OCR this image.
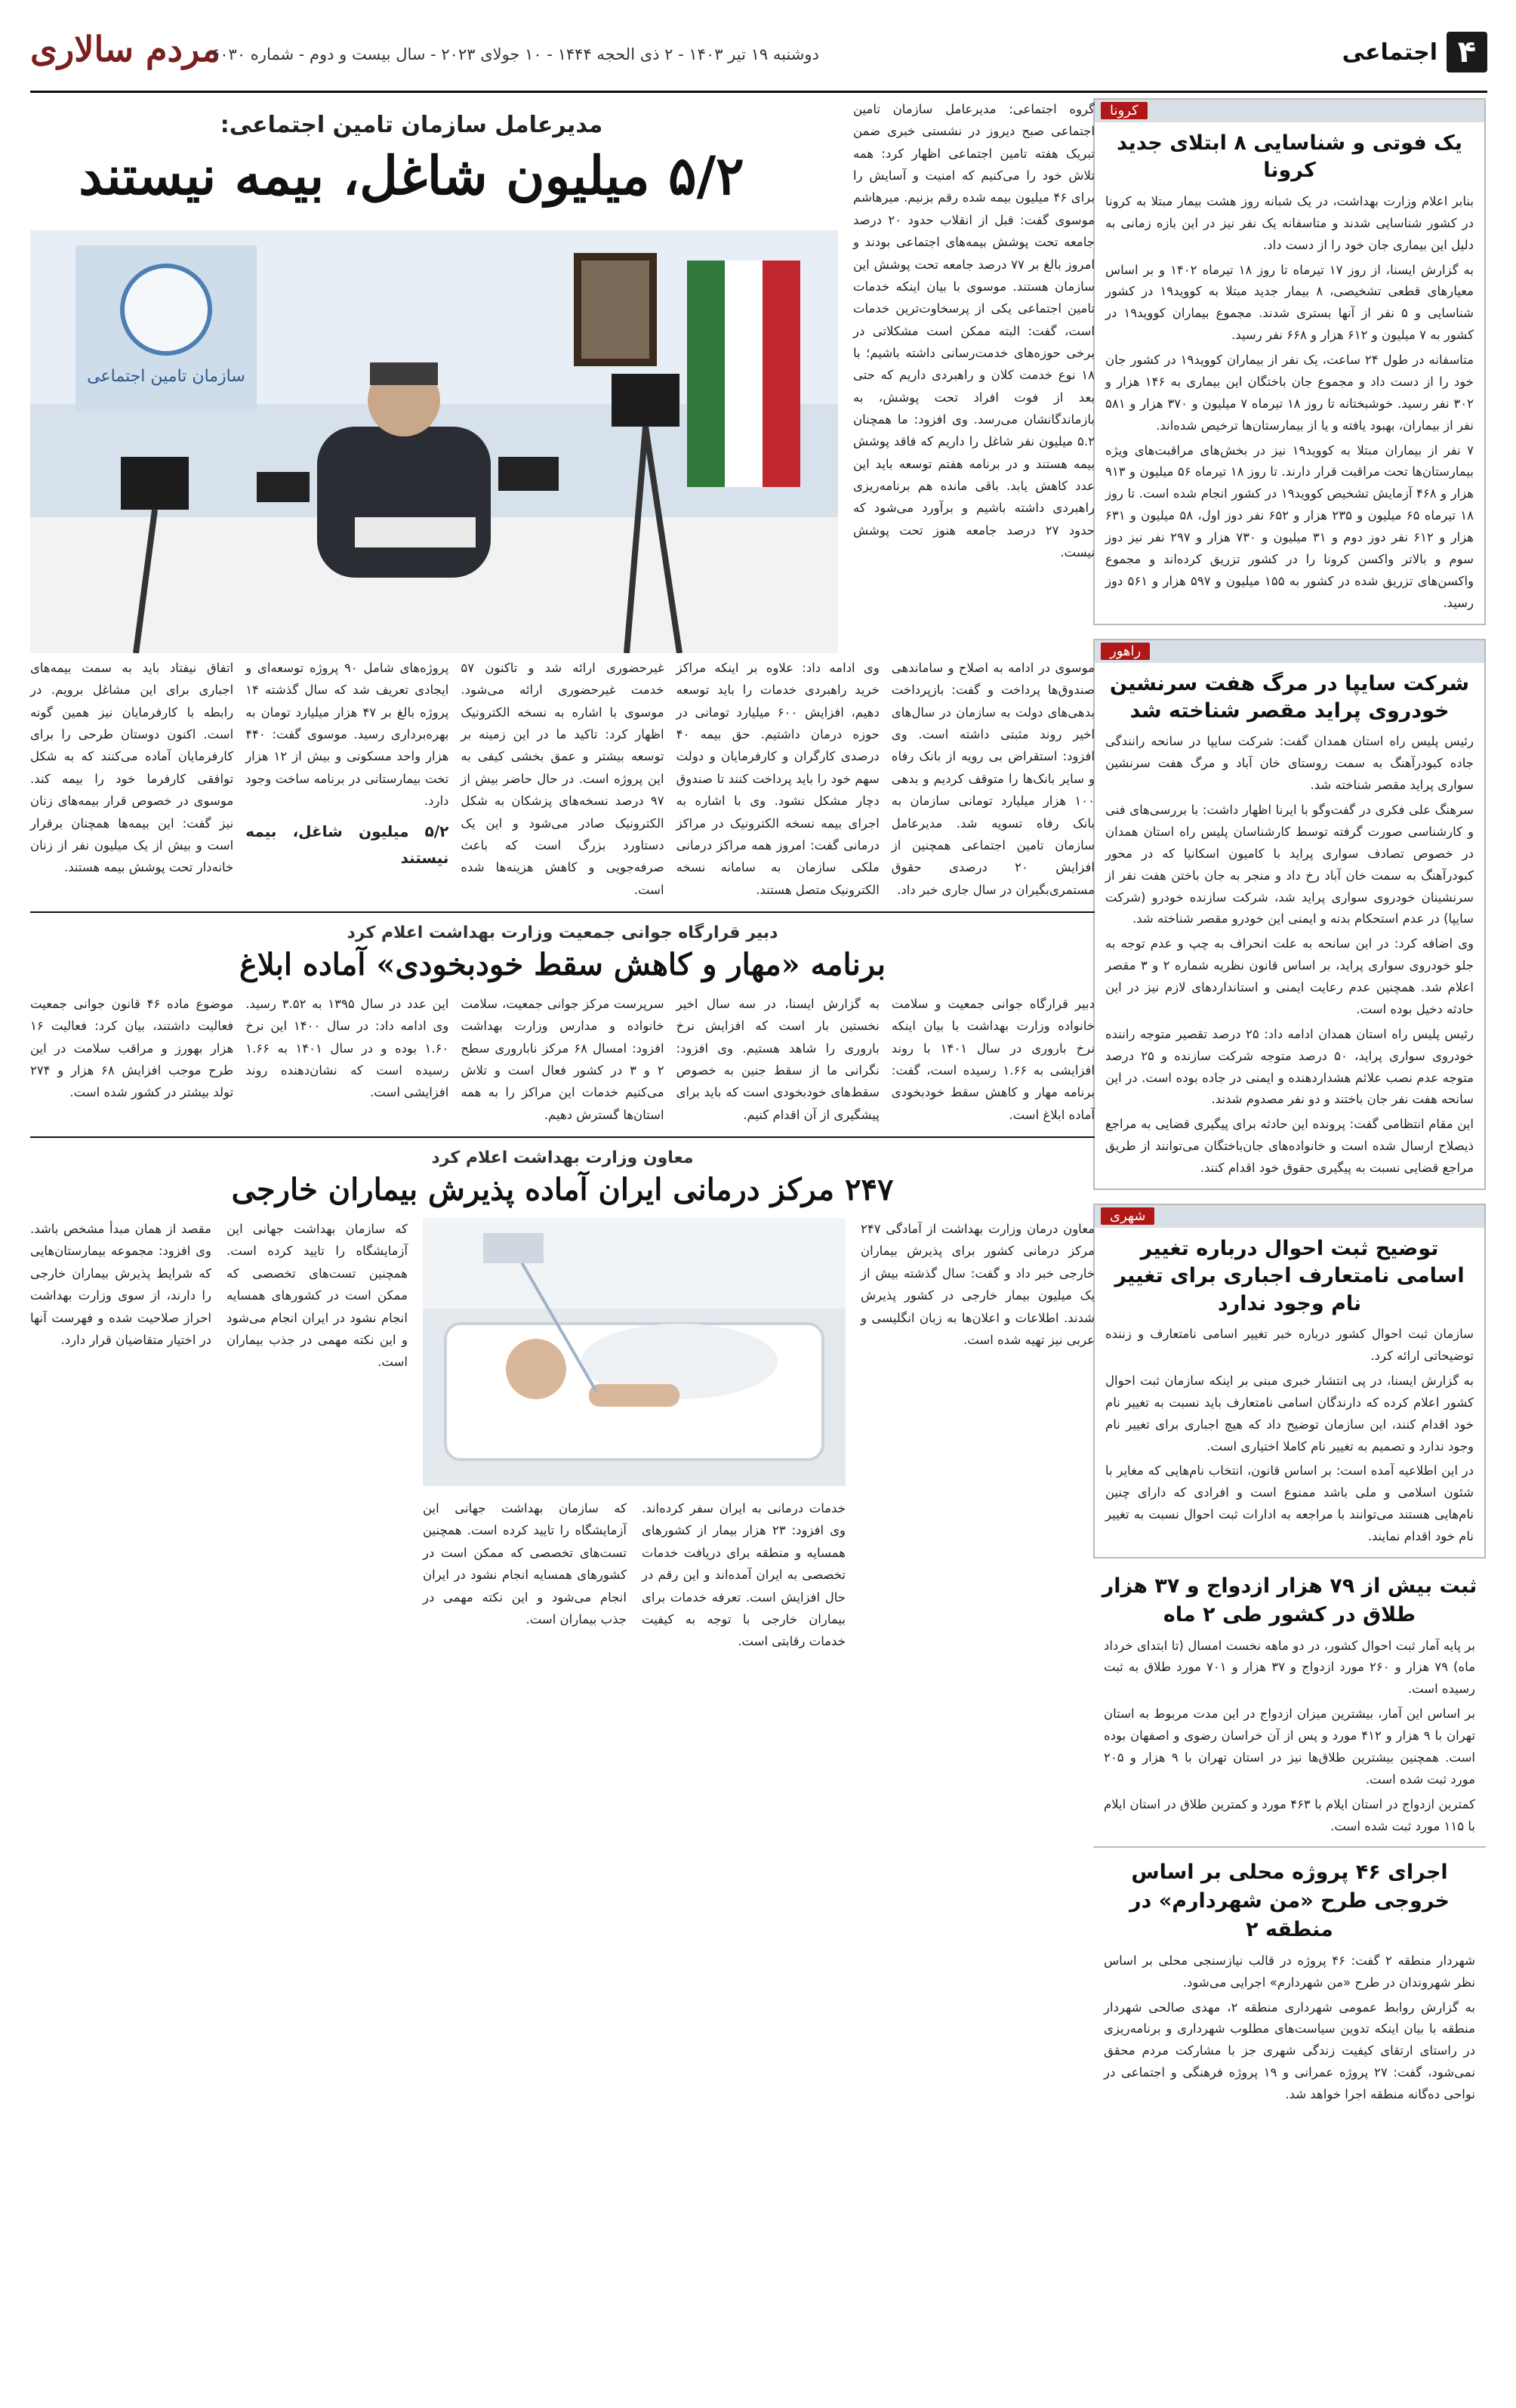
۴
اجتماعی
مردم سالاری
دوشنبه ۱۹ تیر ۱۴۰۳ - ۲ ذی الحجه ۱۴۴۴ - ۱۰ جولای ۲۰۲۳ - سال بیست و دوم - شماره ۶۰۳۰
کرونا
یک فوتی و شناسایی ۸ ابتلای جدید کرونا

بنابر اعلام وزارت بهداشت، در یک شبانه روز هشت بیمار مبتلا به کرونا در کشور شناسایی شدند و متاسفانه یک نفر نیز در این بازه زمانی به دلیل این بیماری جان خود را از دست داد.

به گزارش ایسنا، از روز ۱۷ تیرماه تا روز ۱۸ تیرماه ۱۴۰۲ و بر اساس معیارهای قطعی تشخیصی، ۸ بیمار جدید مبتلا به کووید۱۹ در کشور شناسایی و ۵ نفر از آنها بستری شدند. مجموع بیماران کووید۱۹ در کشور به ۷ میلیون و ۶۱۲ هزار و ۶۶۸ نفر رسید.

متاسفانه در طول ۲۴ ساعت، یک نفر از بیماران کووید۱۹ در کشور جان خود را از دست داد و مجموع جان باختگان این بیماری به ۱۴۶ هزار و ۳۰۲ نفر رسید. خوشبختانه تا روز ۱۸ تیرماه ۷ میلیون و ۳۷۰ هزار و ۵۸۱ نفر از بیماران، بهبود یافته و یا از بیمارستان‌ها ترخیص شده‌اند.

۷ نفر از بیماران مبتلا به کووید۱۹ نیز در بخش‌های مراقبت‌های ویژه بیمارستان‌ها تحت مراقبت قرار دارند. تا روز ۱۸ تیرماه ۵۶ میلیون و ۹۱۳ هزار و ۴۶۸ آزمایش تشخیص کووید۱۹ در کشور انجام شده است. تا روز ۱۸ تیرماه ۶۵ میلیون و ۲۳۵ هزار و ۶۵۲ نفر دوز اول، ۵۸ میلیون و ۶۳۱ هزار و ۶۱۲ نفر دوز دوم و ۳۱ میلیون و ۷۳۰ هزار و ۲۹۷ نفر نیز دوز سوم و بالاتر واکسن کرونا را در کشور تزریق کرده‌اند و مجموع واکسن‌های تزریق شده در کشور به ۱۵۵ میلیون و ۵۹۷ هزار و ۵۶۱ دوز رسید.

راهور
شرکت سایپا در مرگ هفت سرنشین خودروی پراید مقصر شناخته شد

رئیس پلیس راه استان همدان گفت: شرکت سایپا در سانحه رانندگی جاده کبودرآهنگ به سمت روستای خان آباد و مرگ هفت سرنشین سواری پراید مقصر شناخته شد.

سرهنگ علی فکری در گفت‌وگو با ایرنا اظهار داشت: با بررسی‌های فنی و کارشناسی صورت گرفته توسط کارشناسان پلیس راه استان همدان در خصوص تصادف سواری پراید با کامیون اسکانیا که در محور کبودرآهنگ به سمت خان آباد رخ داد و منجر به جان باختن هفت نفر از سرنشینان خودروی سواری پراید شد، شرکت سازنده خودرو (شرکت سایپا) در عدم استحکام بدنه و ایمنی این خودرو مقصر شناخته شد.

وی اضافه کرد: در این سانحه به علت انحراف به چپ و عدم توجه به جلو خودروی سواری پراید، بر اساس قانون نظریه شماره ۲ و ۳ مقصر اعلام شد. همچنین عدم رعایت ایمنی و استانداردهای لازم نیز در این حادثه دخیل بوده است.

رئیس پلیس راه استان همدان ادامه داد: ۲۵ درصد تقصیر متوجه راننده خودروی سواری پراید، ۵۰ درصد متوجه شرکت سازنده و ۲۵ درصد متوجه عدم نصب علائم هشداردهنده و ایمنی در جاده بوده است. در این سانحه هفت نفر جان باختند و دو نفر مصدوم شدند.

این مقام انتظامی گفت: پرونده این حادثه برای پیگیری قضایی به مراجع ذیصلاح ارسال شده است و خانواده‌های جان‌باختگان می‌توانند از طریق مراجع قضایی نسبت به پیگیری حقوق خود اقدام کنند.

شهری
توضیح ثبت احوال درباره تغییر
اسامی نامتعارف اجباری برای تغییر نام وجود ندارد

سازمان ثبت احوال کشور درباره خبر تغییر اسامی نامتعارف و زننده توضیحاتی ارائه کرد.

به گزارش ایسنا، در پی انتشار خبری مبنی بر اینکه سازمان ثبت احوال کشور اعلام کرده که دارندگان اسامی نامتعارف باید نسبت به تغییر نام خود اقدام کنند، این سازمان توضیح داد که هیچ اجباری برای تغییر نام وجود ندارد و تصمیم به تغییر نام کاملا اختیاری است.

در این اطلاعیه آمده است: بر اساس قانون، انتخاب نام‌هایی که مغایر با شئون اسلامی و ملی باشد ممنوع است و افرادی که دارای چنین نام‌هایی هستند می‌توانند با مراجعه به ادارات ثبت احوال نسبت به تغییر نام خود اقدام نمایند.

ثبت بیش از ۷۹ هزار ازدواج و ۳۷ هزار طلاق در کشور طی ۲ ماه

بر پایه آمار ثبت احوال کشور، در دو ماهه نخست امسال (تا ابتدای خرداد ماه) ۷۹ هزار و ۲۶۰ مورد ازدواج و ۳۷ هزار و ۷۰۱ مورد طلاق به ثبت رسیده است.

بر اساس این آمار، بیشترین میزان ازدواج در این مدت مربوط به استان تهران با ۹ هزار و ۴۱۲ مورد و پس از آن خراسان رضوی و اصفهان بوده است. همچنین بیشترین طلاق‌ها نیز در استان تهران با ۹ هزار و ۲۰۵ مورد ثبت شده است.

کمترین ازدواج در استان ایلام با ۴۶۳ مورد و کمترین طلاق در استان ایلام با ۱۱۵ مورد ثبت شده است.

اجرای ۴۶ پروژه محلی بر اساس خروجی طرح «من شهردارم» در منطقه ۲

شهردار منطقه ۲ گفت: ۴۶ پروژه در قالب نیازسنجی محلی بر اساس نظر شهروندان در طرح «من شهردارم» اجرایی می‌شود.

به گزارش روابط عمومی شهرداری منطقه ۲، مهدی صالحی شهردار منطقه با بیان اینکه تدوین سیاست‌های مطلوب شهرداری و برنامه‌ریزی در راستای ارتقای کیفیت زندگی شهری جز با مشارکت مردم محقق نمی‌شود، گفت: ۲۷ پروژه عمرانی و ۱۹ پروژه فرهنگی و اجتماعی در نواحی ده‌گانه منطقه اجرا خواهد شد.

گروه اجتماعی: مدیرعامل سازمان تامین اجتماعی صبح دیروز در نشستی خبری ضمن تبریک هفته تامین اجتماعی اظهار کرد: همه تلاش خود را می‌کنیم که امنیت و آسایش را برای ۴۶ میلیون بیمه شده رقم بزنیم. میرهاشم موسوی گفت: قبل از انقلاب حدود ۲۰ درصد جامعه تحت پوشش بیمه‌های اجتماعی بودند و امروز بالغ بر ۷۷ درصد جامعه تحت پوشش این سازمان هستند. موسوی با بیان اینکه خدمات تامین اجتماعی یکی از پرسخاوت‌ترین خدمات است، گفت: البته ممکن است مشکلاتی در برخی حوزه‌های خدمت‌رسانی داشته باشیم؛ با ۱۸ نوع خدمت کلان و راهبردی داریم که حتی بعد از فوت افراد تحت پوشش، به بازماندگانشان می‌رسد. وی افزود: ما همچنان ۵.۲ میلیون نفر شاغل را داریم که فاقد پوشش بیمه هستند و در برنامه هفتم توسعه باید این عدد کاهش یابد. باقی مانده هم برنامه‌ریزی راهبردی داشته باشیم و برآورد می‌شود که حدود ۲۷ درصد جامعه هنوز تحت پوشش نیست.
مدیرعامل سازمان تامین اجتماعی:
۵/۲ میلیون شاغل، بیمه نیستند
سازمان تامین اجتماعی
موسوی در ادامه به اصلاح و ساماندهی صندوق‌ها پرداخت و گفت: بازپرداخت بدهی‌های دولت به سازمان در سال‌های اخیر روند مثبتی داشته است. وی افزود: استقراض بی رویه از بانک رفاه و سایر بانک‌ها را متوقف کردیم و بدهی ۱۰۰ هزار میلیارد تومانی سازمان به بانک رفاه تسویه شد. مدیرعامل سازمان تامین اجتماعی همچنین از افزایش ۲۰ درصدی حقوق مستمری‌بگیران در سال جاری خبر داد.
وی ادامه داد: علاوه بر اینکه مراکز خرید راهبردی خدمات را باید توسعه دهیم، افزایش ۶۰۰ میلیارد تومانی در حوزه درمان داشتیم. حق بیمه ۴۰ درصدی کارگران و کارفرمایان و دولت سهم خود را باید پرداخت کنند تا صندوق دچار مشکل نشود. وی با اشاره به اجرای بیمه نسخه الکترونیک در مراکز درمانی گفت: امروز همه مراکز درمانی ملکی سازمان به سامانه نسخه الکترونیک متصل هستند.
غیرحضوری ارائه شد و تاکنون ۵۷ خدمت غیرحضوری ارائه می‌شود. موسوی با اشاره به نسخه الکترونیک اظهار کرد: تاکید ما در این زمینه بر توسعه بیشتر و عمق بخشی کیفی به این پروژه است. در حال حاضر بیش از ۹۷ درصد نسخه‌های پزشکان به شکل الکترونیک صادر می‌شود و این یک دستاورد بزرگ است که باعث صرفه‌جویی و کاهش هزینه‌ها شده است.
پروژه‌های شامل ۹۰ پروژه توسعه‌ای و ایجادی تعریف شد که سال گذشته ۱۴ پروژه بالغ بر ۴۷ هزار میلیارد تومان به بهره‌برداری رسید. موسوی گفت: ۴۴۰ هزار واحد مسکونی و بیش از ۱۲ هزار تخت بیمارستانی در برنامه ساخت وجود دارد.
۵/۲ میلیون شاغل، بیمه نیستند
اتفاق نیفتاد باید به سمت بیمه‌های اجباری برای این مشاغل برویم. در رابطه با کارفرمایان نیز همین گونه است. اکنون دوستان طرحی را برای کارفرمایان آماده می‌کنند که به شکل توافقی کارفرما خود را بیمه کند. موسوی در خصوص قرار بیمه‌های زنان نیز گفت: این بیمه‌ها همچنان برقرار است و بیش از یک میلیون نفر از زنان خانه‌دار تحت پوشش بیمه هستند.
دبیر قرارگاه جوانی جمعیت وزارت بهداشت اعلام کرد
برنامه «مهار و کاهش سقط خودبخودی» آماده ابلاغ
دبیر قرارگاه جوانی جمعیت و سلامت خانواده وزارت بهداشت با بیان اینکه نرخ باروری در سال ۱۴۰۱ با روند افزایشی به ۱.۶۶ رسیده است، گفت: برنامه مهار و کاهش سقط خودبخودی آماده ابلاغ است.
به گزارش ایسنا، در سه سال اخیر نخستین بار است که افزایش نرخ باروری را شاهد هستیم. وی افزود: نگرانی ما از سقط جنین به خصوص سقط‌های خودبخودی است که باید برای پیشگیری از آن اقدام کنیم.
سرپرست مرکز جوانی جمعیت، سلامت خانواده و مدارس وزارت بهداشت افزود: امسال ۶۸ مرکز ناباروری سطح ۲ و ۳ در کشور فعال است و تلاش می‌کنیم خدمات این مراکز را به همه استان‌ها گسترش دهیم.
این عدد در سال ۱۳۹۵ به ۳.۵۲ رسید. وی ادامه داد: در سال ۱۴۰۰ این نرخ ۱.۶۰ بوده و در سال ۱۴۰۱ به ۱.۶۶ رسیده است که نشان‌دهنده روند افزایشی است.
موضوع ماده ۴۶ قانون جوانی جمعیت فعالیت داشتند، بیان کرد: فعالیت ۱۶ هزار بهورز و مراقب سلامت در این طرح موجب افزایش ۶۸ هزار و ۲۷۴ تولد بیشتر در کشور شده است.
معاون وزارت بهداشت اعلام کرد
۲۴۷ مرکز درمانی ایران آماده پذیرش بیماران خارجی
معاون درمان وزارت بهداشت از آمادگی ۲۴۷ مرکز درمانی کشور برای پذیرش بیماران خارجی خبر داد و گفت: سال گذشته بیش از یک میلیون بیمار خارجی در کشور پذیرش شدند. اطلاعات و اعلان‌ها به زبان انگلیسی و عربی نیز تهیه شده است.
خدمات درمانی به ایران سفر کرده‌اند. وی افزود: ۲۳ هزار بیمار از کشورهای همسایه و منطقه برای دریافت خدمات تخصصی به ایران آمده‌اند و این رقم در حال افزایش است. تعرفه خدمات برای بیماران خارجی با توجه به کیفیت خدمات رقابتی است.
که سازمان بهداشت جهانی این آزمایشگاه را تایید کرده است. همچنین تست‌های تخصصی که ممکن است در کشورهای همسایه انجام نشود در ایران انجام می‌شود و این نکته مهمی در جذب بیماران است.
که سازمان بهداشت جهانی این آزمایشگاه را تایید کرده است. همچنین تست‌های تخصصی که ممکن است در کشورهای همسایه انجام نشود در ایران انجام می‌شود و این نکته مهمی در جذب بیماران است.
مقصد از همان مبدأ مشخص باشد. وی افزود: مجموعه بیمارستان‌هایی که شرایط پذیرش بیماران خارجی را دارند، از سوی وزارت بهداشت احراز صلاحیت شده و فهرست آنها در اختیار متقاضیان قرار دارد.
